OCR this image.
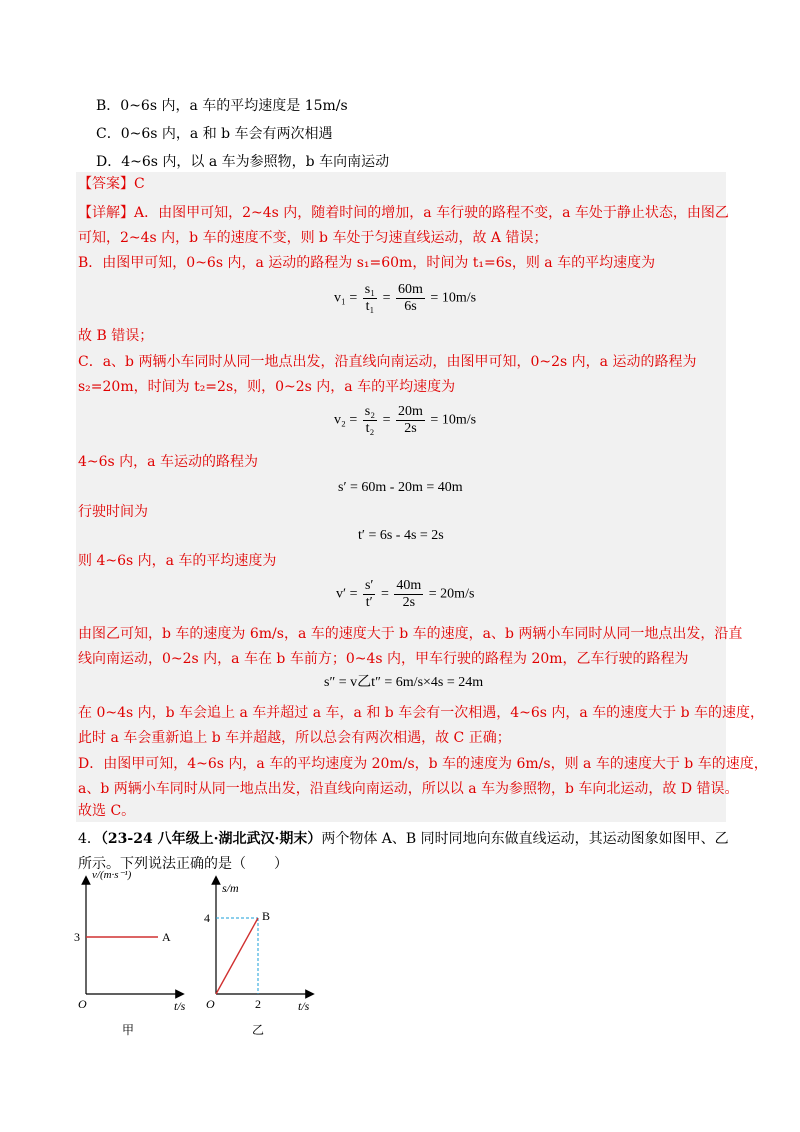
B．0~6s 内，a 车的平均速度是 15m/s
C．0~6s 内，a 和 b 车会有两次相遇
D．4~6s 内，以 a 车为参照物，b 车向南运动
【答案】C
【详解】A．由图甲可知，2~4s 内，随着时间的增加，a 车行驶的路程不变，a 车处于静止状态，由图乙
可知，2~4s 内，b 车的速度不变，则 b 车处于匀速直线运动，故 A 错误；
B．由图甲可知，0~6s 内，a 运动的路程为 s₁=60m，时间为 t₁=6s，则 a 车的平均速度为
$v_1 = \frac{\text{s₁}}{\text{t₁}} = \frac{60m}{6s} = 10m/s$
故 B 错误；
C．a、b 两辆小车同时从同一地点出发，沿直线向南运动，由图甲可知，0~2s 内，a 运动的路程为
s₂=20m，时间为 t₂=2s，则，0~2s 内，a 车的平均速度为
$v_2 = \frac{\text{s₂}}{\text{t₂}} = \frac{20m}{2s} = 10m/s$
4~6s 内，a 车运动的路程为
s′ = 60m - 20m = 40m
行驶时间为
t′ = 6s - 4s = 2s
则 4~6s 内，a 车的平均速度为
$v' = \frac{s'}{t'} = \frac{40m}{2s} = 20m/s$
由图乙可知，b 车的速度为 6m/s，a 车的速度大于 b 车的速度，a、b 两辆小车同时从同一地点出发，沿直
线向南运动，0~2s 内，a 车在 b 车前方；0~4s 内，甲车行驶的路程为 20m，乙车行驶的路程为
s″ = v乙t″ = 6m/s×4s = 24m
在 0~4s 内，b 车会追上 a 车并超过 a 车，a 和 b 车会有一次相遇，4~6s 内，a 车的速度大于 b 车的速度，
此时 a 车会重新追上 b 车并超越，所以总会有两次相遇，故 C 正确；
D．由图甲可知，4~6s 内，a 车的平均速度为 20m/s，b 车的速度为 6m/s，则 a 车的速度大于 b 车的速度，
a、b 两辆小车同时从同一地点出发，沿直线向南运动，所以以 a 车为参照物，b 车向北运动，故 D 错误。
故选 C。
4．（23-24 八年级上·湖北武汉·期末）两个物体 A、B 同时同地向东做直线运动，其运动图象如图甲、乙
所示。下列说法正确的是（　　）
v/(m·s⁻¹)
3	A
O	t/s
甲
s/m
4	B
O	2	t/s
乙
